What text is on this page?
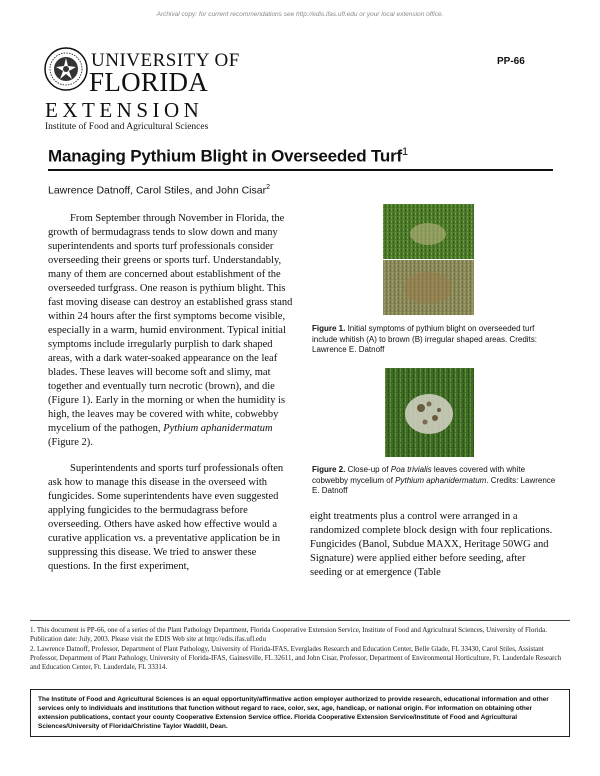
Archival copy: for current recommendations see http://edis.ifas.ufl.edu or your local extension office.
UNIVERSITY OF
FLORIDA
EXTENSION
Institute of Food and Agricultural Sciences
PP-66
Managing Pythium Blight in Overseeded Turf$^1$
Lawrence Datnoff, Carol Stiles, and John Cisar$^2$
From September through November in Florida, the growth of bermudagrass tends to slow down and many superintendents and sports turf professionals consider overseeding their greens or sports turf. Understandably, many of them are concerned about establishment of the overseeded turfgrass. One reason is pythium blight. This fast moving disease can destroy an established grass stand within 24 hours after the first symptoms become visible, especially in a warm, humid environment. Typical initial symptoms include irregularly purplish to dark shaped areas, with a dark water-soaked appearance on the leaf blades. These leaves will become soft and slimy, mat together and eventually turn necrotic (brown), and die (Figure 1). Early in the morning or when the humidity is high, the leaves may be covered with white, cobwebby mycelium of the pathogen, Pythium aphanidermatum (Figure 2).
Superintendents and sports turf professionals often ask how to manage this disease in the overseed with fungicides. Some superintendents have even suggested applying fungicides to the bermudagrass before overseeding. Others have asked how effective would a curative application vs. a preventative application be in suppressing this disease. We tried to answer these questions. In the first experiment,
Figure 1. Initial symptoms of pythium blight on overseeded turf include whitish (A) to brown (B) irregular shaped areas. Credits: Lawrence E. Datnoff
Figure 2. Close-up of Poa trivialis leaves covered with white cobwebby mycelium of Pythium aphanidermatum. Credits: Lawrence E. Datnoff
eight treatments plus a control were arranged in a randomized complete block design with four replications. Fungicides (Banol, Subdue MAXX, Heritage 50WG and Signature) were applied either before seeding, after seeding or at emergence (Table
1. This document is PP-66, one of a series of the Plant Pathology Department, Florida Cooperative Extension Service, Institute of Food and Agricultural Sciences, University of Florida. Publication date: July, 2003. Please visit the EDIS Web site at http://edis.ifas.ufl.edu
2. Lawrence Datnoff, Professor, Department of Plant Pathology, University of Florida-IFAS, Everglades Research and Education Center, Belle Glade, FL 33430, Carol Stiles, Assistant Professor, Department of Plant Pathology, University of Florida-IFAS, Gainesville, FL 32611, and John Cisar, Professor, Department of Environmental Horticulture, Ft. Lauderdale Research and Education Center, Ft. Lauderdale, FL 33314.
The Institute of Food and Agricultural Sciences is an equal opportunity/affirmative action employer authorized to provide research, educational information and other services only to individuals and institutions that function without regard to race, color, sex, age, handicap, or national origin. For information on obtaining other extension publications, contact your county Cooperative Extension Service office. Florida Cooperative Extension Service/Institute of Food and Agricultural Sciences/University of Florida/Christine Taylor Waddill, Dean.
